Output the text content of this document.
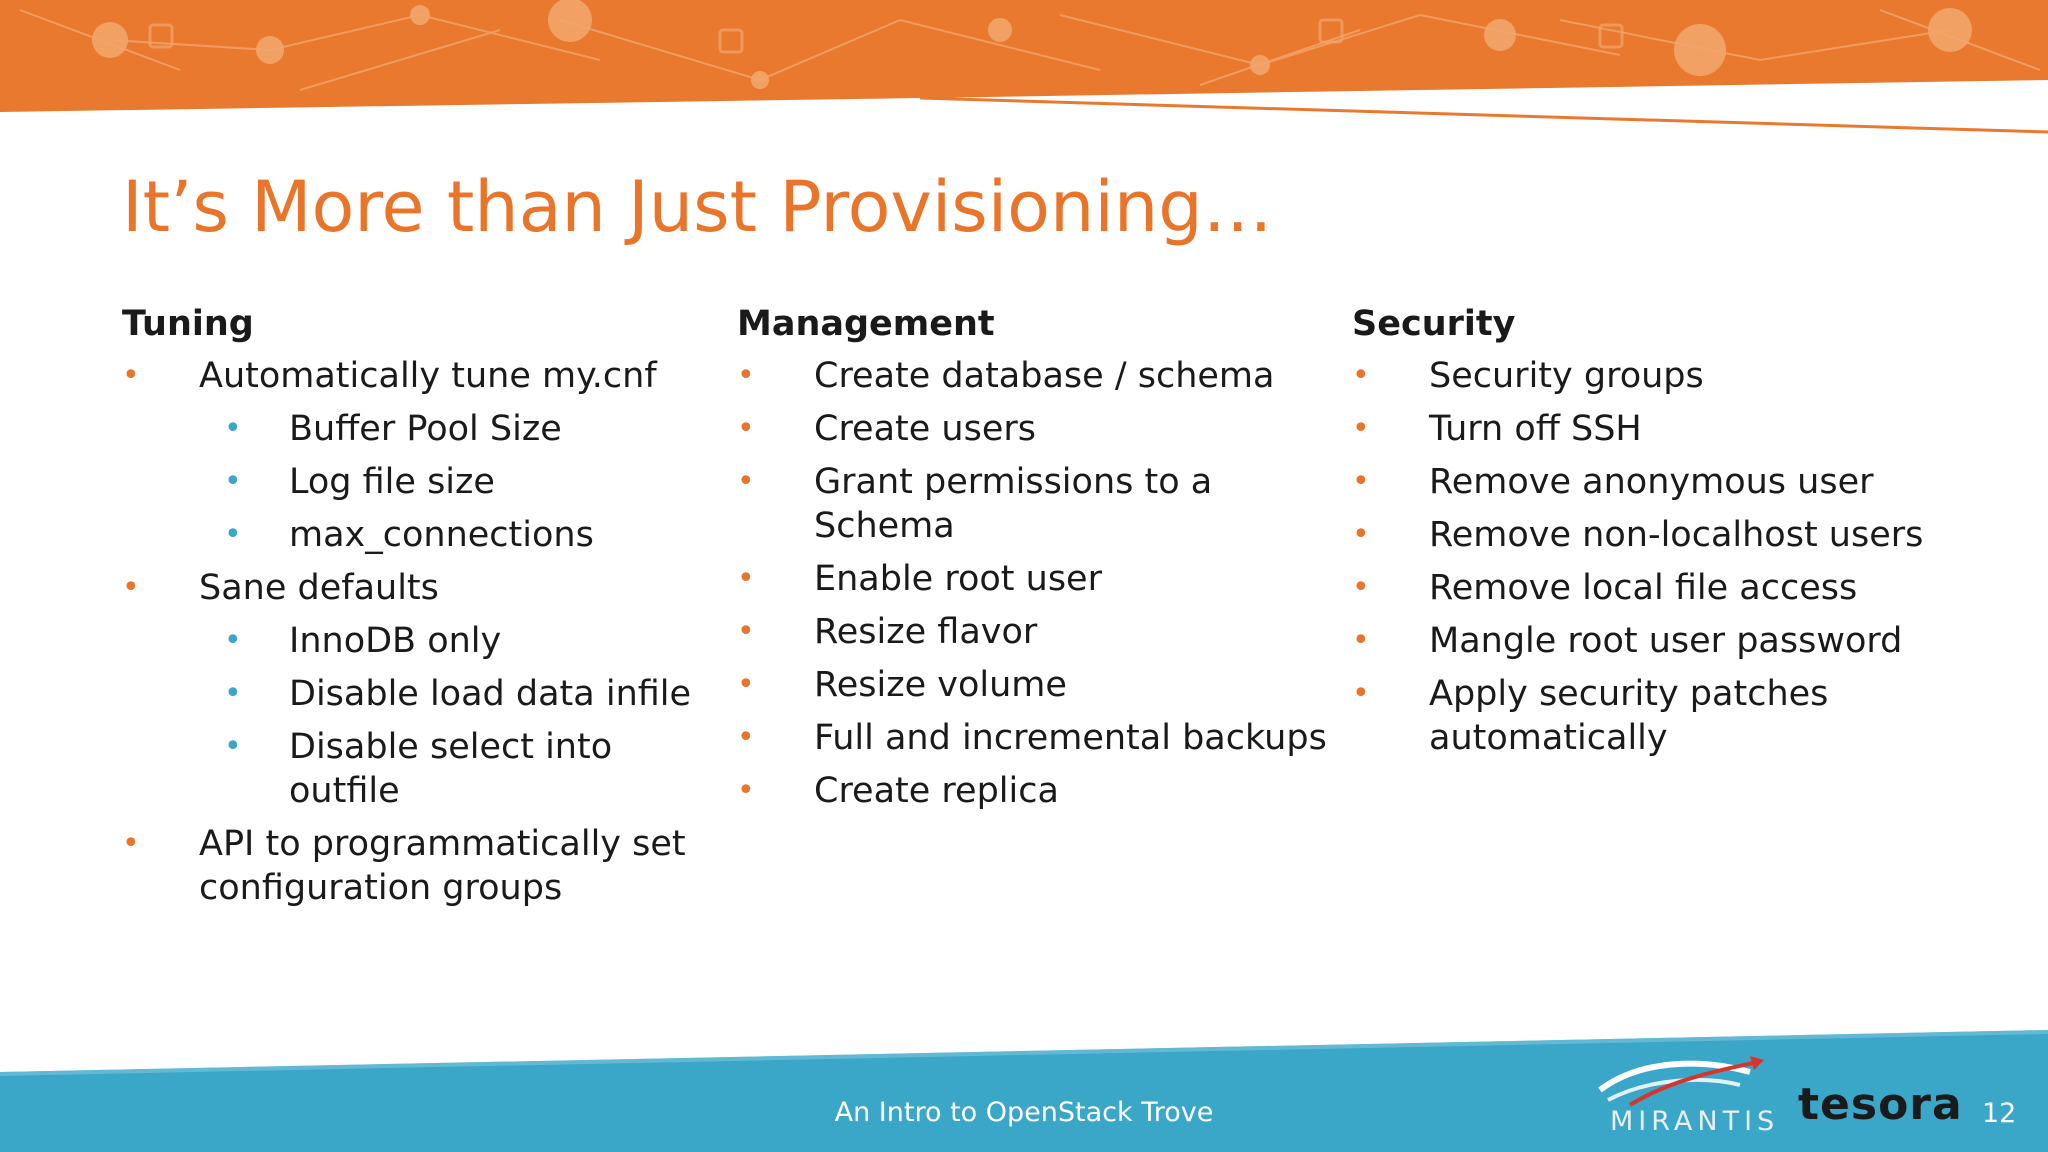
It’s More than Just Provisioning…
Tuning
• Automatically tune my.cnf
• Buffer Pool Size
• Log file size
• max_connections
• Sane defaults
• InnoDB only
• Disable load data infile
• Disable select into outfile
• API to programmatically set configuration groups
Management
• Create database / schema
• Create users
• Grant permissions to a Schema
• Enable root user
• Resize flavor
• Resize volume
• Full and incremental backups
• Create replica
Security
• Security groups
• Turn off SSH
• Remove anonymous user
• Remove non-localhost users
• Remove local file access
• Mangle root user password
• Apply security patches automatically
An Intro to OpenStack Trove	MIRANTIS tesora 12
